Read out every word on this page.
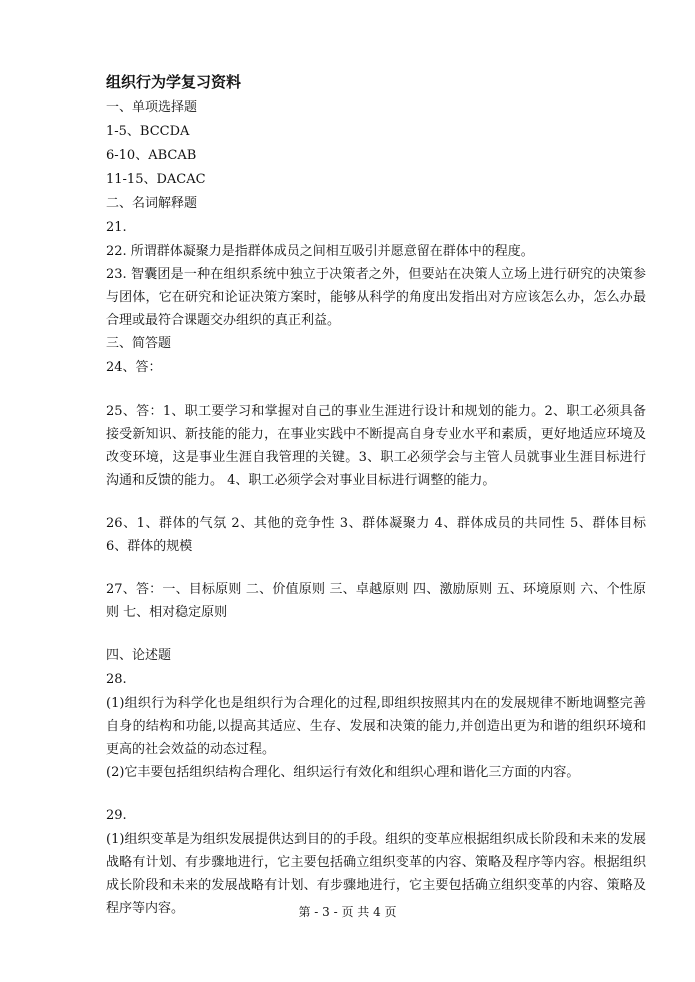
组织行为学复习资料

一、单项选择题

1-5、BCCDA

6-10、ABCAB

11-15、DACAC

二、名词解释题

21.

22. 所谓群体凝聚力是指群体成员之间相互吸引并愿意留在群体中的程度。

23. 智囊团是一种在组织系统中独立于决策者之外，但要站在决策人立场上进行研究的决策参与团体，它在研究和论证决策方案时，能够从科学的角度出发指出对方应该怎么办，怎么办最合理或最符合课题交办组织的真正利益。

三、简答题

24、答：

25、答：1、职工要学习和掌握对自己的事业生涯进行设计和规划的能力。2、职工必须具备接受新知识、新技能的能力，在事业实践中不断提高自身专业水平和素质，更好地适应环境及改变环境，这是事业生涯自我管理的关键。3、职工必须学会与主管人员就事业生涯目标进行沟通和反馈的能力。 4、职工必须学会对事业目标进行调整的能力。

26、1、群体的气氛 2、其他的竞争性 3、群体凝聚力 4、群体成员的共同性 5、群体目标 6、群体的规模

27、答：一、目标原则 二、价值原则 三、卓越原则 四、激励原则 五、环境原则 六、个性原则 七、相对稳定原则

四、论述题

28.

(1)组织行为科学化也是组织行为合理化的过程,即组织按照其内在的发展规律不断地调整完善自身的结构和功能,以提高其适应、生存、发展和决策的能力,并创造出更为和谐的组织环境和更高的社会效益的动态过程。

(2)它丰要包括组织结构合理化、组织运行有效化和组织心理和谐化三方面的内容。

29.

(1)组织变革是为组织发展提供达到目的的手段。组织的变革应根据组织成长阶段和未来的发展战略有计划、有步骤地进行，它主要包括确立组织变革的内容、策略及程序等内容。根据组织成长阶段和未来的发展战略有计划、有步骤地进行，它主要包括确立组织变革的内容、策略及程序等内容。	第 - 3 - 页 共 4 页
